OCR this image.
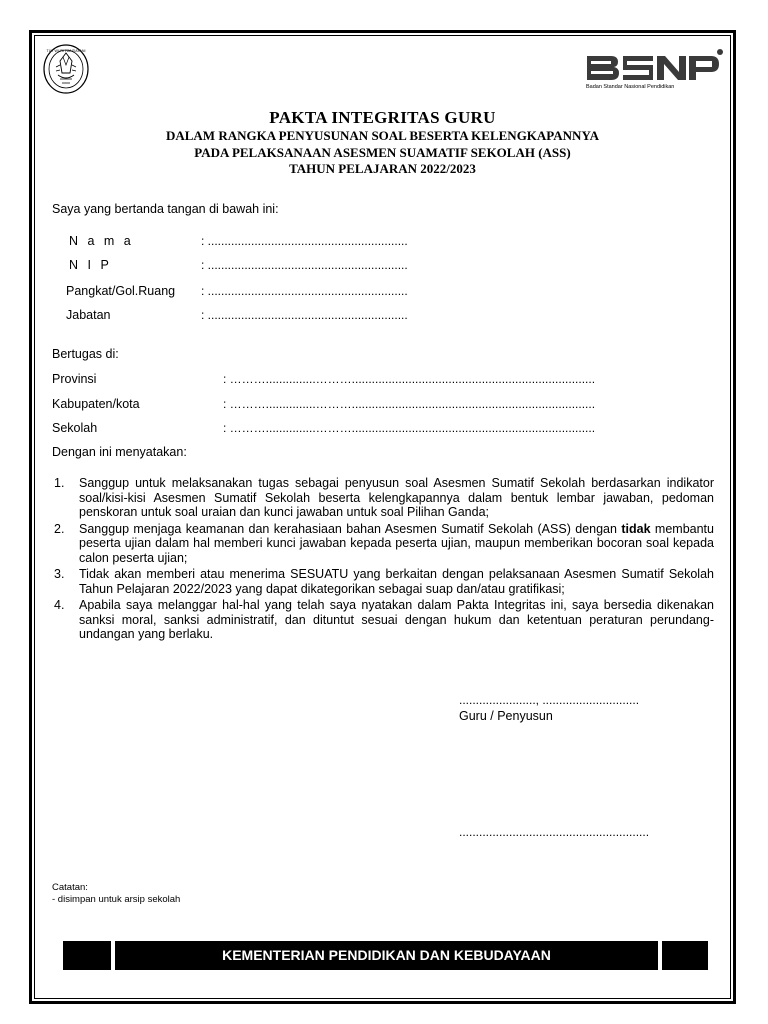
TUT WURI HANDAYANI
Badan Standar Nasional Pendidikan
PAKTA INTEGRITAS GURU
DALAM RANGKA PENYUSUNAN SOAL BESERTA KELENGKAPANNYA
PADA PELAKSANAAN ASESMEN SUAMATIF SEKOLAH (ASS)
TAHUN PELAJARAN 2022/2023
Saya yang bertanda tangan di bawah ini:
N a m a	: ............................................................
N I P	: ............................................................
Pangkat/Gol.Ruang : ............................................................
Jabatan	: ............................................................
Bertugas di:
Provinsi	: ………...............……….........................................................................
Kabupaten/kota	: ………...............……….........................................................................
Sekolah	: ………...............……….........................................................................
Dengan ini menyatakan:
1. Sanggup untuk melaksanakan tugas sebagai penyusun soal Asesmen Sumatif Sekolah berdasarkan indikator soal/kisi-kisi Asesmen Sumatif Sekolah beserta kelengkapannya dalam bentuk lembar jawaban, pedoman penskoran untuk soal uraian dan kunci jawaban untuk soal Pilihan Ganda;
2. Sanggup menjaga keamanan dan kerahasiaan bahan Asesmen Sumatif Sekolah (ASS) dengan tidak membantu peserta ujian dalam hal memberi kunci jawaban kepada peserta ujian, maupun memberikan bocoran soal kepada calon peserta ujian;
3. Tidak akan memberi atau menerima SESUATU yang berkaitan dengan pelaksanaan Asesmen Sumatif Sekolah Tahun Pelajaran 2022/2023 yang dapat dikategorikan sebagai suap dan/atau gratifikasi;
4. Apabila saya melanggar hal-hal yang telah saya nyatakan dalam Pakta Integritas ini, saya bersedia dikenakan sanksi moral, sanksi administratif, dan dituntut sesuai dengan hukum dan ketentuan peraturan perundang-undangan yang berlaku.
......................., .............................
Guru / Penyusun
.........................................................
Catatan:
- disimpan untuk arsip sekolah
KEMENTERIAN PENDIDIKAN DAN KEBUDAYAAN
